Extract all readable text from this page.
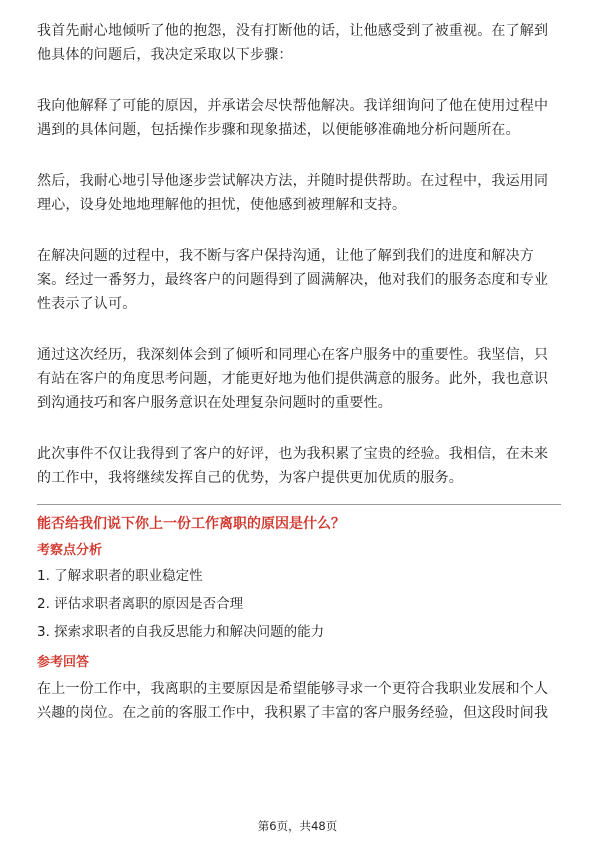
我首先耐心地倾听了他的抱怨，没有打断他的话，让他感受到了被重视。在了解到他具体的问题后，我决定采取以下步骤：

我向他解释了可能的原因，并承诺会尽快帮他解决。我详细询问了他在使用过程中遇到的具体问题，包括操作步骤和现象描述，以便能够准确地分析问题所在。

然后，我耐心地引导他逐步尝试解决方法，并随时提供帮助。在过程中，我运用同理心，设身处地地理解他的担忧，使他感到被理解和支持。

在解决问题的过程中，我不断与客户保持沟通，让他了解到我们的进度和解决方案。经过一番努力，最终客户的问题得到了圆满解决，他对我们的服务态度和专业性表示了认可。

通过这次经历，我深刻体会到了倾听和同理心在客户服务中的重要性。我坚信，只有站在客户的角度思考问题，才能更好地为他们提供满意的服务。此外，我也意识到沟通技巧和客户服务意识在处理复杂问题时的重要性。

此次事件不仅让我得到了客户的好评，也为我积累了宝贵的经验。我相信，在未来的工作中，我将继续发挥自己的优势，为客户提供更加优质的服务。

能否给我们说下你上一份工作离职的原因是什么？

考察点分析

1. 了解求职者的职业稳定性

2. 评估求职者离职的原因是否合理

3. 探索求职者的自我反思能力和解决问题的能力

参考回答

在上一份工作中，我离职的主要原因是希望能够寻求一个更符合我职业发展和个人兴趣的岗位。在之前的客服工作中，我积累了丰富的客户服务经验，但这段时间我

第6页，共48页
